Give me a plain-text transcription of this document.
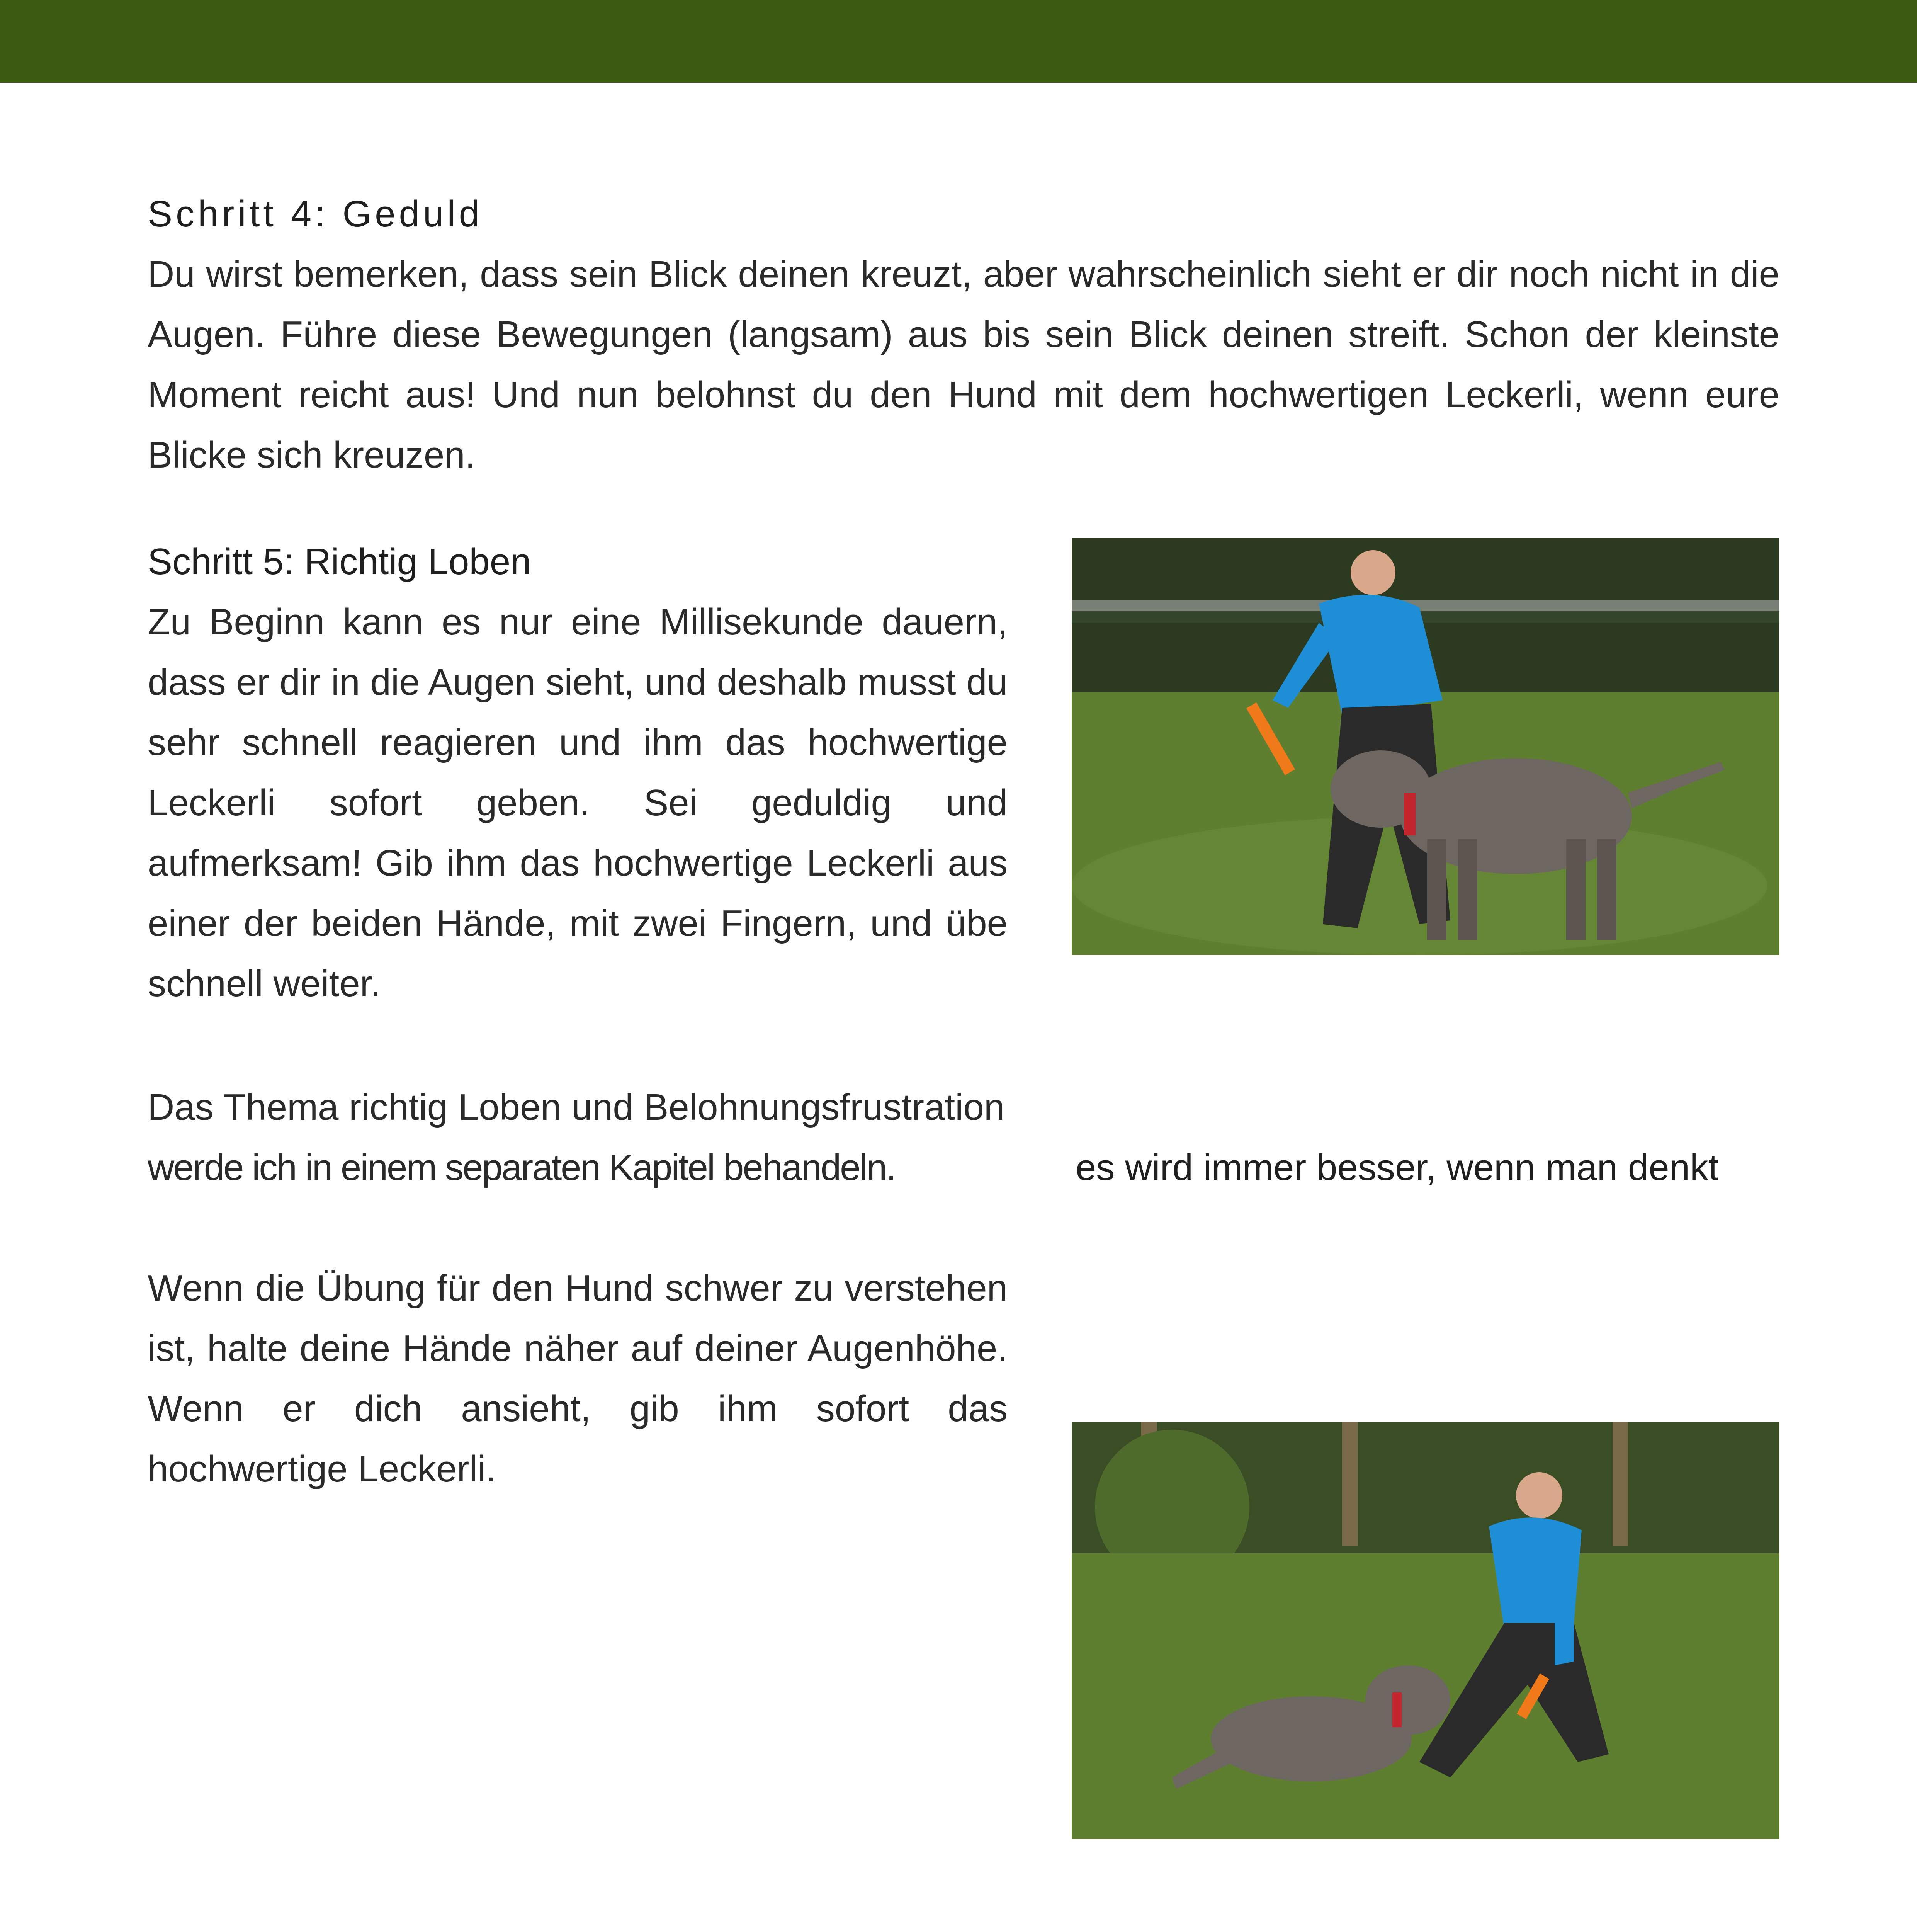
Schritt 4: Geduld

Du wirst bemerken, dass sein Blick deinen kreuzt, aber wahrscheinlich sieht er dir noch nicht in die Augen. Führe diese Bewegungen (langsam) aus bis sein Blick deinen streift. Schon der kleinste Moment reicht aus! Und nun belohnst du den Hund mit dem hochwertigen Leckerli, wenn eure Blicke sich kreuzen.

Schritt 5: Richtig Loben

Zu Beginn kann es nur eine Millisekunde dauern, dass er dir in die Augen sieht, und deshalb musst du sehr schnell reagieren und ihm das hochwertige Leckerli sofort geben. Sei geduldig und aufmerksam! Gib ihm das hochwertige Leckerli aus einer der beiden Hände, mit zwei Fingern, und übe schnell weiter.

Das Thema richtig Loben und Belohnungsfrustration
werde ich in einem separaten Kapitel behandeln.

Wenn die Übung für den Hund schwer zu verstehen ist, halte deine Hände näher auf deiner Augenhöhe. Wenn er dich ansieht, gib ihm sofort das hochwertige Leckerli.

es wird immer besser, wenn man denkt
